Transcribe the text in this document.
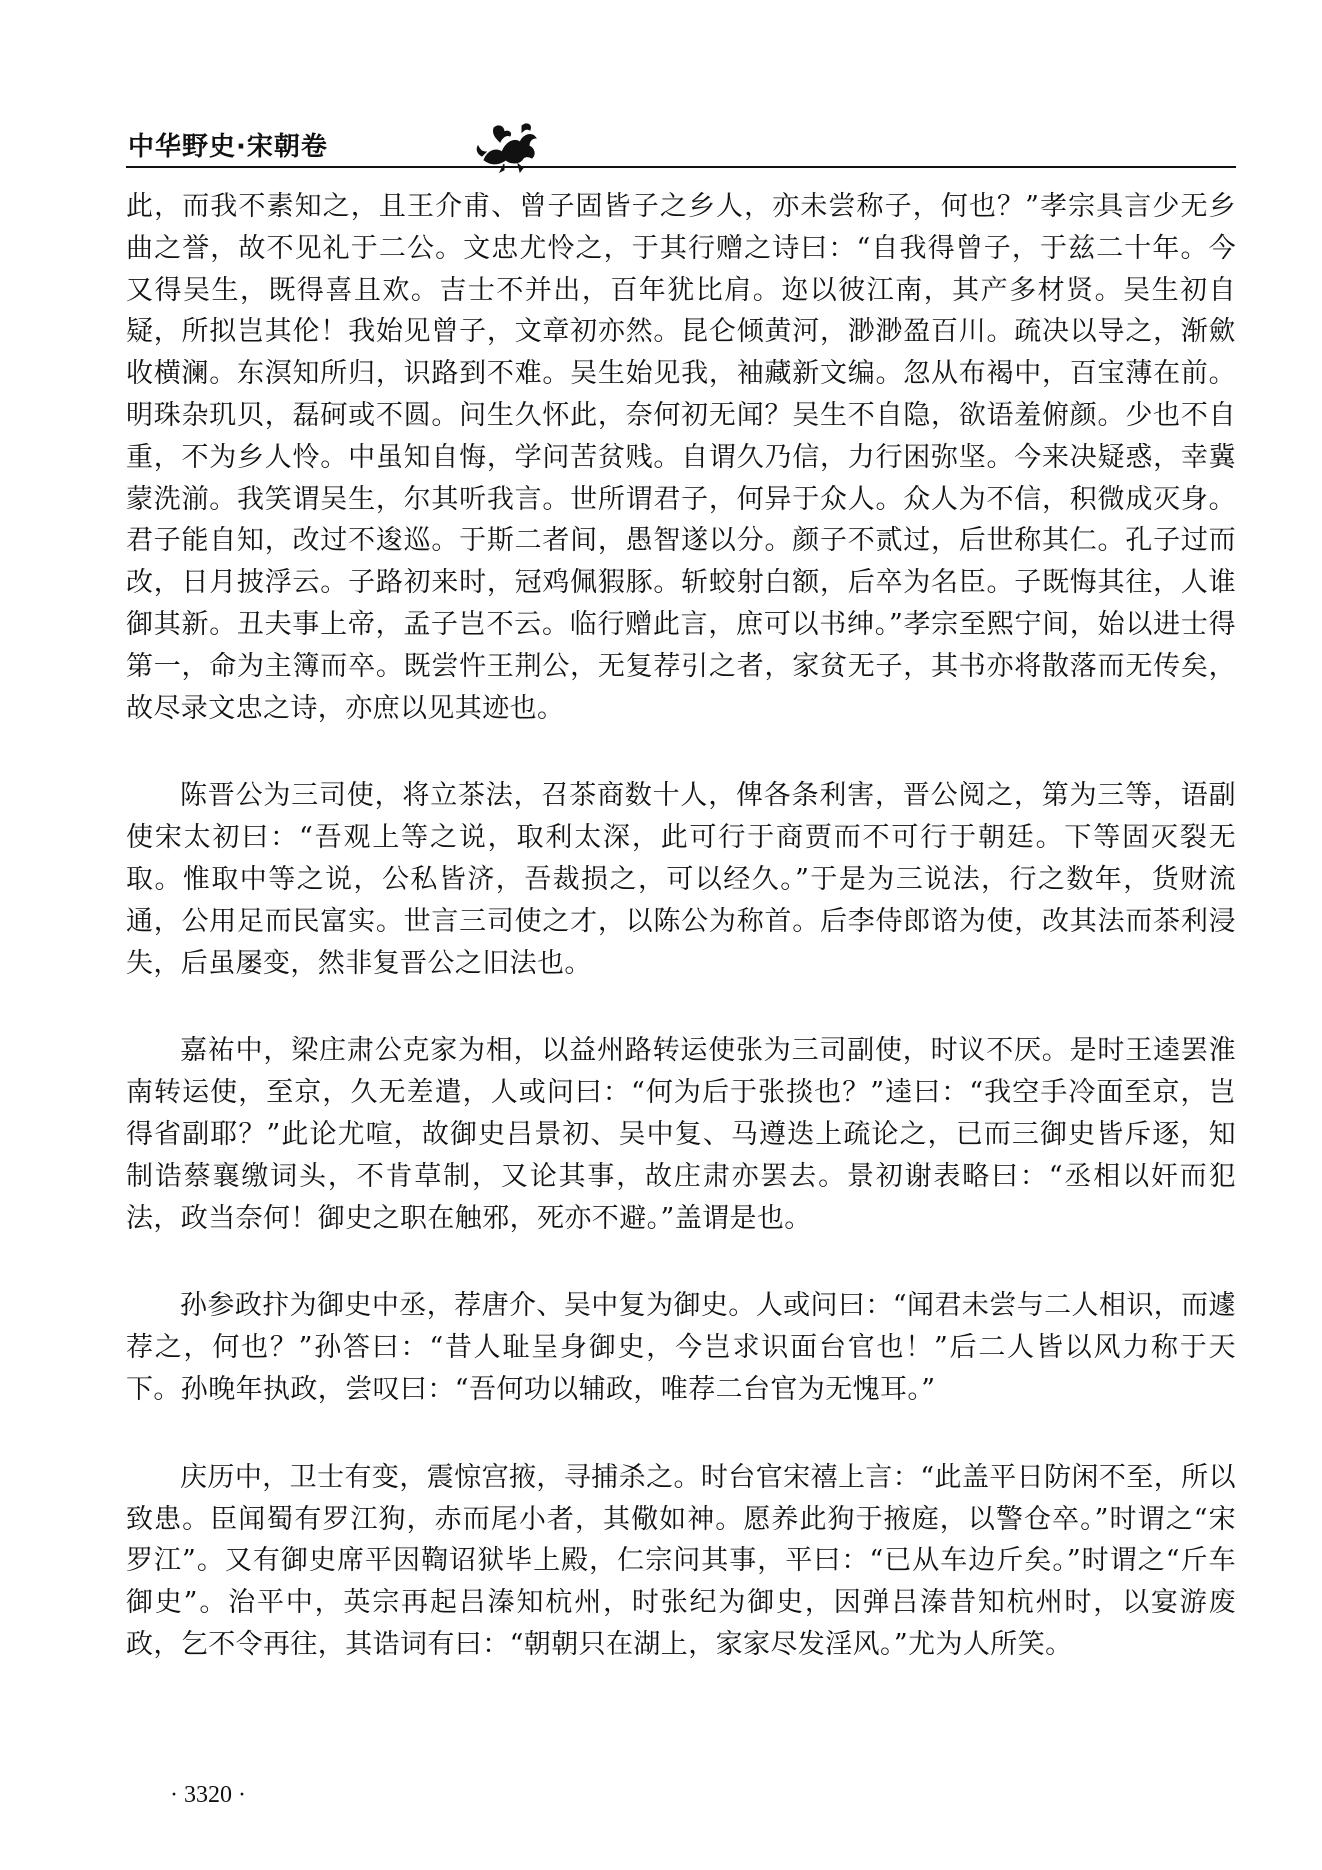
中华野史·宋朝卷

此，而我不素知之，且王介甫、曾子固皆子之乡人，亦未尝称子，何也？”孝宗具言少无乡曲之誉，故不见礼于二公。文忠尤怜之，于其行赠之诗曰：“自我得曾子，于兹二十年。今又得吴生，既得喜且欢。吉士不并出，百年犹比肩。迩以彼江南，其产多材贤。吴生初自疑，所拟岂其伦！我始见曾子，文章初亦然。昆仑倾黄河，渺渺盈百川。疏决以导之，渐歛收横澜。东溟知所归，识路到不难。吴生始见我，袖藏新文编。忽从布褐中，百宝薄在前。明珠杂玑贝，磊砢或不圆。问生久怀此，奈何初无闻？吴生不自隐，欲语羞俯颜。少也不自重，不为乡人怜。中虽知自悔，学问苦贫贱。自谓久乃信，力行困弥坚。今来决疑惑，幸冀蒙洗湔。我笑谓吴生，尔其听我言。世所谓君子，何异于众人。众人为不信，积微成灭身。君子能自知，改过不逡巡。于斯二者间，愚智遂以分。颜子不贰过，后世称其仁。孔子过而改，日月披浮云。子路初来时，冠鸡佩猳豚。斩蛟射白额，后卒为名臣。子既悔其往，人谁御其新。丑夫事上帝，孟子岂不云。临行赠此言，庶可以书绅。”孝宗至熙宁间，始以进士得第一，命为主簿而卒。既尝忤王荆公，无复荐引之者，家贫无子，其书亦将散落而无传矣，故尽录文忠之诗，亦庶以见其迹也。

陈晋公为三司使，将立茶法，召茶商数十人，俾各条利害，晋公阅之，第为三等，语副使宋太初曰：“吾观上等之说，取利太深，此可行于商贾而不可行于朝廷。下等固灭裂无取。惟取中等之说，公私皆济，吾裁损之，可以经久。”于是为三说法，行之数年，货财流通，公用足而民富实。世言三司使之才，以陈公为称首。后李侍郎谘为使，改其法而茶利浸失，后虽屡变，然非复晋公之旧法也。

嘉祐中，梁庄肃公克家为相，以益州路转运使张为三司副使，时议不厌。是时王逵罢淮南转运使，至京，久无差遣，人或问曰：“何为后于张掞也？”逵曰：“我空手冷面至京，岂得省副耶？”此论尤喧，故御史吕景初、吴中复、马遵迭上疏论之，已而三御史皆斥逐，知制诰蔡襄缴词头，不肯草制，又论其事，故庄肃亦罢去。景初谢表略曰：“丞相以奸而犯法，政当奈何！御史之职在触邪，死亦不避。”盖谓是也。

孙参政抃为御史中丞，荐唐介、吴中复为御史。人或问曰：“闻君未尝与二人相识，而遽荐之，何也？”孙答曰：“昔人耻呈身御史，今岂求识面台官也！”后二人皆以风力称于天下。孙晚年执政，尝叹曰：“吾何功以辅政，唯荐二台官为无愧耳。”

庆历中，卫士有变，震惊宫掖，寻捕杀之。时台官宋禧上言：“此盖平日防闲不至，所以致患。臣闻蜀有罗江狗，赤而尾小者，其儆如神。愿养此狗于掖庭，以警仓卒。”时谓之“宋罗江”。又有御史席平因鞫诏狱毕上殿，仁宗问其事，平曰：“已从车边斤矣。”时谓之“斤车御史”。治平中，英宗再起吕溱知杭州，时张纪为御史，因弹吕溱昔知杭州时，以宴游废政，乞不令再往，其诰词有曰：“朝朝只在湖上，家家尽发淫风。”尤为人所笑。

· 3320 ·
